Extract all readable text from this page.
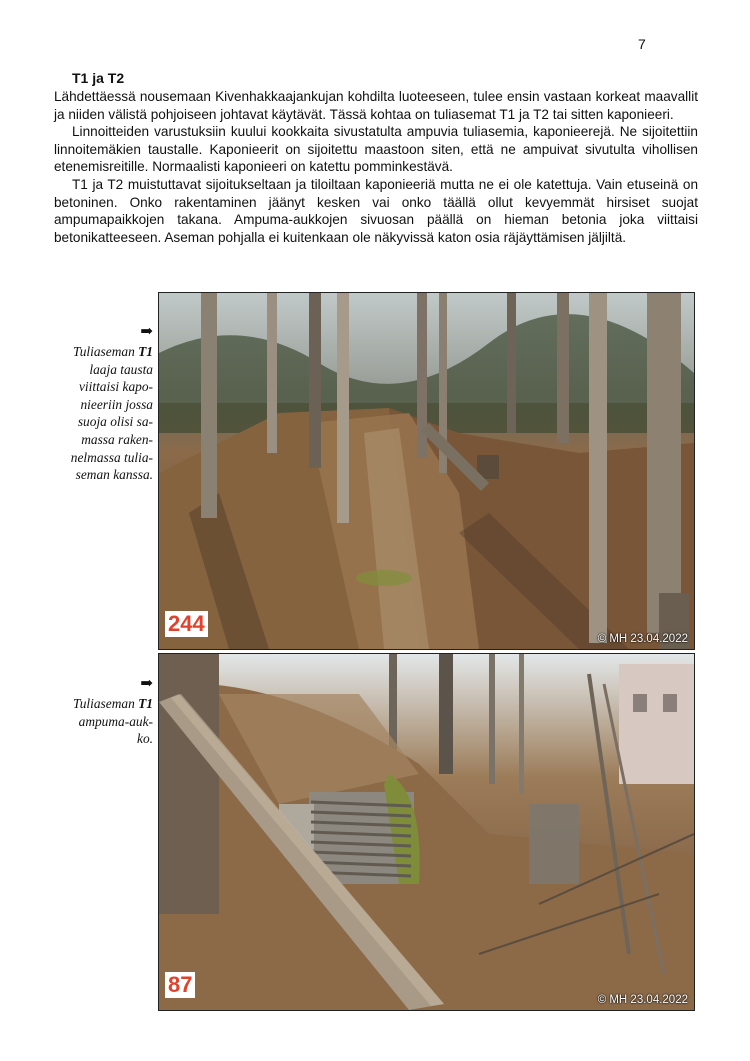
7
T1 ja T2

Lähdettäessä nousemaan Kivenhakkaajankujan kohdilta luoteeseen, tulee ensin vastaan korkeat maavallit ja niiden välistä pohjoiseen johtavat käytävät. Tässä kohtaa on tuliasemat T1 ja T2 tai sitten kaponieeri.

Linnoitteiden varustuksiin kuului kookkaita sivustatulta ampuvia tuliasemia, kaponieerejä. Ne sijoitettiin linnoitemäkien taustalle. Kaponieerit on sijoitettu maastoon siten, että ne ampuivat sivutulta vihollisen etenemisreitille. Normaalisti kaponieeri on katettu pomminkestävä.

T1 ja T2 muistuttavat sijoitukseltaan ja tiloiltaan kaponieeriä mutta ne ei ole katettuja. Vain etuseinä on betoninen. Onko rakentaminen jäänyt kesken vai onko täällä ollut kevyemmät hirsiset suojat ampumapaikkojen takana. Ampuma-aukkojen sivuosan päällä on hieman betonia joka viittaisi betonikatteeseen. Aseman pohjalla ei kuitenkaan ole näkyvissä katon osia räjäyttämisen jäljiltä.

➡
Tuliaseman T1
laaja tausta
viittaisi kapo-
nieeriin jossa
suoja olisi sa-
massa raken-
nelmassa tulia-
seman kanssa.
244
© MH 23.04.2022
➡
Tuliaseman T1
ampuma-auk-
ko.
87
© MH 23.04.2022
